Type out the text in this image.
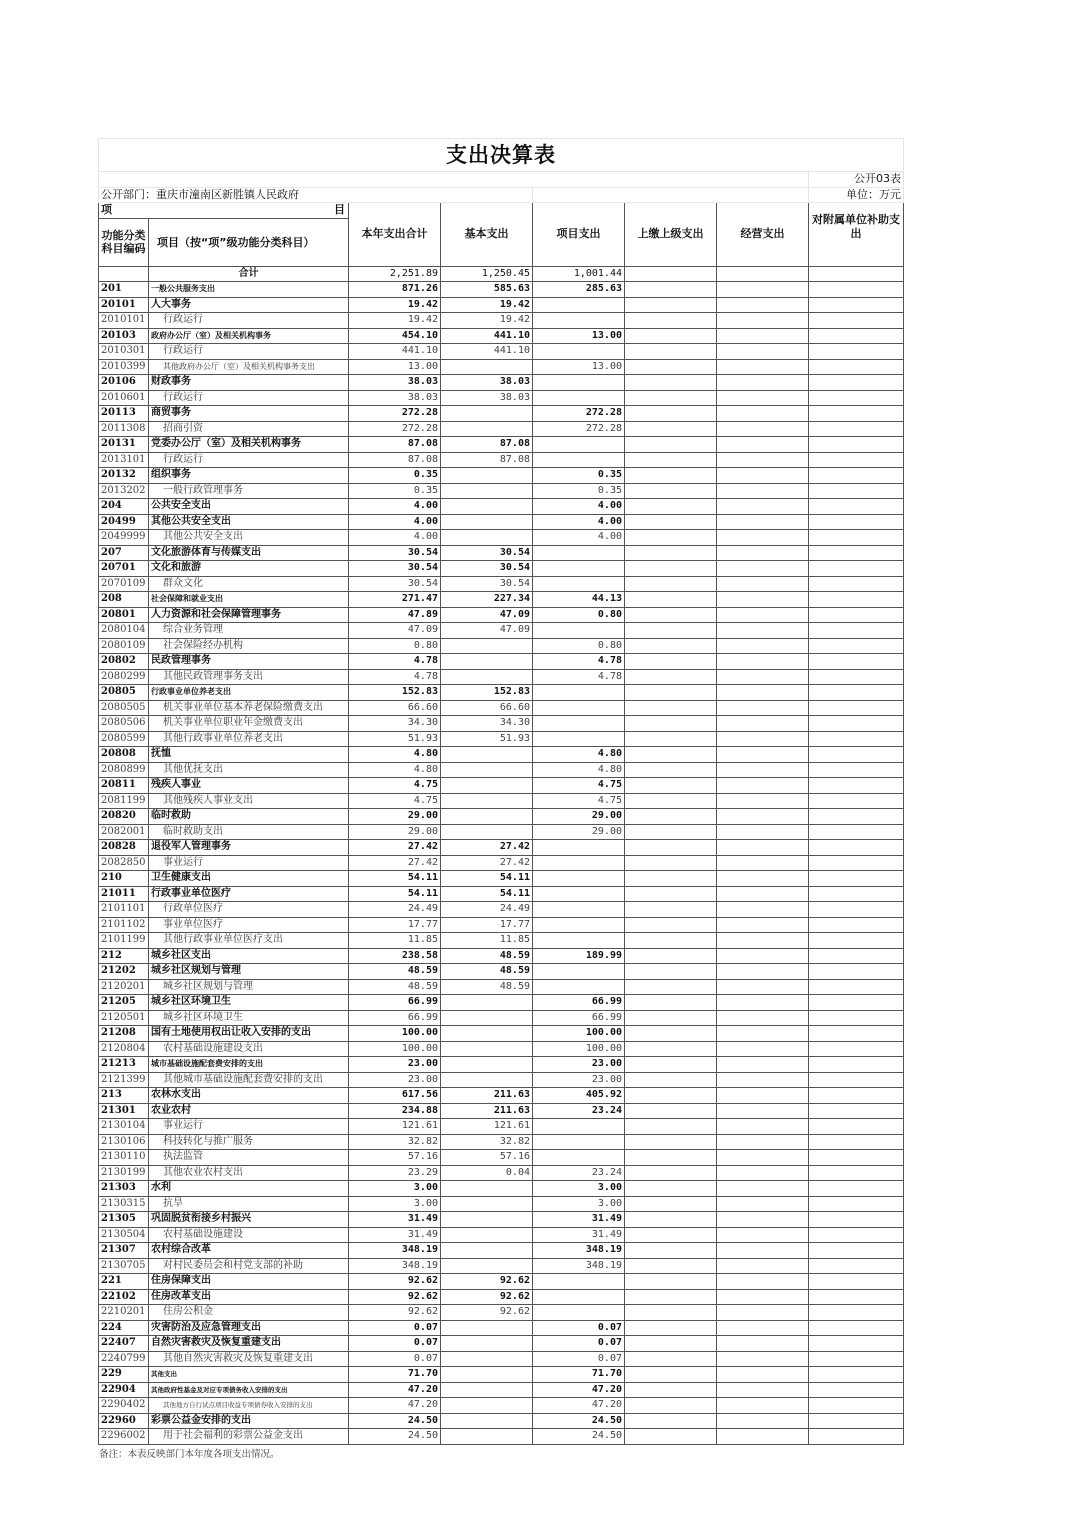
支出决算表							
							公开03表
公开部门：重庆市潼南区新胜镇人民政府							单位：万元
项 目		本年支出合计	基本支出	项目支出	上缴上级支出	经营支出	对附属单位补助支出
功能分类科目编码	项目（按“项”级功能分类科目）						
	合计	2,251.89	1,250.45	1,001.44			
201	一般公共服务支出	871.26	585.63	285.63			
20101	人大事务	19.42	19.42				
2010101	行政运行	19.42	19.42				
20103	政府办公厅（室）及相关机构事务	454.10	441.10	13.00			
2010301	行政运行	441.10	441.10				
2010399	其他政府办公厅（室）及相关机构事务支出	13.00		13.00			
20106	财政事务	38.03	38.03				
2010601	行政运行	38.03	38.03				
20113	商贸事务	272.28		272.28			
2011308	招商引资	272.28		272.28			
20131	党委办公厅（室）及相关机构事务	87.08	87.08				
2013101	行政运行	87.08	87.08				
20132	组织事务	0.35		0.35			
2013202	一般行政管理事务	0.35		0.35			
204	公共安全支出	4.00		4.00			
20499	其他公共安全支出	4.00		4.00			
2049999	其他公共安全支出	4.00		4.00			
207	文化旅游体育与传媒支出	30.54	30.54				
20701	文化和旅游	30.54	30.54				
2070109	群众文化	30.54	30.54				
208	社会保障和就业支出	271.47	227.34	44.13			
20801	人力资源和社会保障管理事务	47.89	47.09	0.80			
2080104	综合业务管理	47.09	47.09				
2080109	社会保险经办机构	0.80		0.80			
20802	民政管理事务	4.78		4.78			
2080299	其他民政管理事务支出	4.78		4.78			
20805	行政事业单位养老支出	152.83	152.83				
2080505	机关事业单位基本养老保险缴费支出	66.60	66.60				
2080506	机关事业单位职业年金缴费支出	34.30	34.30				
2080599	其他行政事业单位养老支出	51.93	51.93				
20808	抚恤	4.80		4.80			
2080899	其他优抚支出	4.80		4.80			
20811	残疾人事业	4.75		4.75			
2081199	其他残疾人事业支出	4.75		4.75			
20820	临时救助	29.00		29.00			
2082001	临时救助支出	29.00		29.00			
20828	退役军人管理事务	27.42	27.42				
2082850	事业运行	27.42	27.42				
210	卫生健康支出	54.11	54.11				
21011	行政事业单位医疗	54.11	54.11				
2101101	行政单位医疗	24.49	24.49				
2101102	事业单位医疗	17.77	17.77				
2101199	其他行政事业单位医疗支出	11.85	11.85				
212	城乡社区支出	238.58	48.59	189.99			
21202	城乡社区规划与管理	48.59	48.59				
2120201	城乡社区规划与管理	48.59	48.59				
21205	城乡社区环境卫生	66.99		66.99			
2120501	城乡社区环境卫生	66.99		66.99			
21208	国有土地使用权出让收入安排的支出	100.00		100.00			
2120804	农村基础设施建设支出	100.00		100.00			
21213	城市基础设施配套费安排的支出	23.00		23.00			
2121399	其他城市基础设施配套费安排的支出	23.00		23.00			
213	农林水支出	617.56	211.63	405.92			
21301	农业农村	234.88	211.63	23.24			
2130104	事业运行	121.61	121.61				
2130106	科技转化与推广服务	32.82	32.82				
2130110	执法监管	57.16	57.16				
2130199	其他农业农村支出	23.29	0.04	23.24			
21303	水利	3.00		3.00			
2130315	抗旱	3.00		3.00			
21305	巩固脱贫衔接乡村振兴	31.49		31.49			
2130504	农村基础设施建设	31.49		31.49			
21307	农村综合改革	348.19		348.19			
2130705	对村民委员会和村党支部的补助	348.19		348.19			
221	住房保障支出	92.62	92.62				
22102	住房改革支出	92.62	92.62				
2210201	住房公积金	92.62	92.62				
224	灾害防治及应急管理支出	0.07		0.07			
22407	自然灾害救灾及恢复重建支出	0.07		0.07			
2240799	其他自然灾害救灾及恢复重建支出	0.07		0.07			
229	其他支出	71.70		71.70			
22904	其他政府性基金及对应专项债务收入安排的支出	47.20		47.20			
2290402	其他地方自行试点项目收益专项债券收入安排的支出	47.20		47.20			
22960	彩票公益金安排的支出	24.50		24.50			
2296002	用于社会福利的彩票公益金支出	24.50		24.50			
备注：本表反映部门本年度各项支出情况。
